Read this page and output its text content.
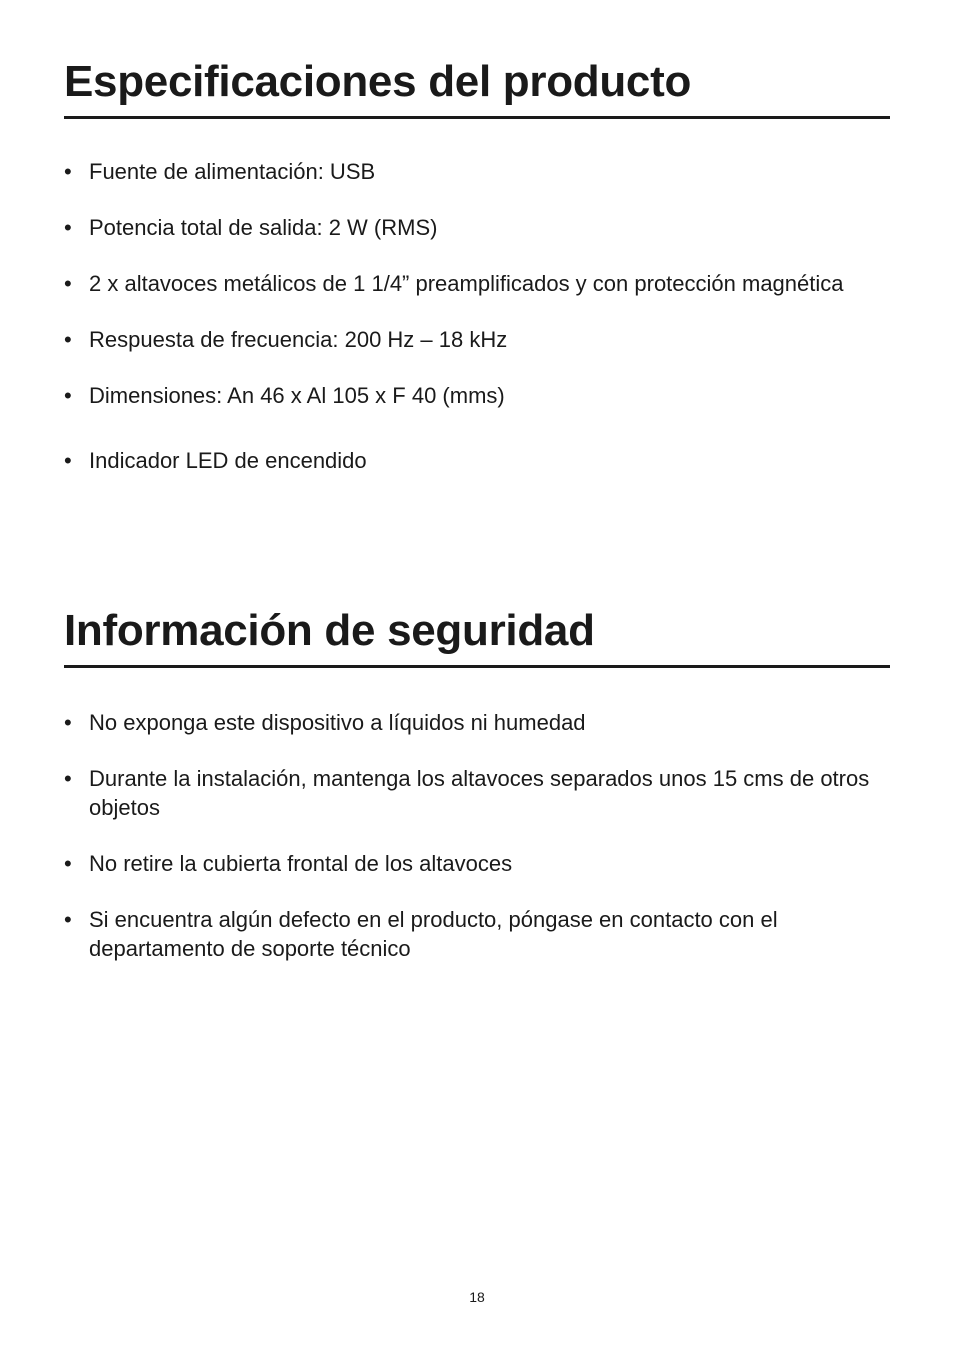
Especificaciones del producto
• Fuente de alimentación: USB
• Potencia total de salida: 2 W (RMS)
• 2 x altavoces metálicos de 1 1/4” preamplificados y con protección magnética
• Respuesta de frecuencia: 200 Hz – 18 kHz
• Dimensiones: An 46 x Al 105 x F 40 (mms)
• Indicador LED de encendido
Información de seguridad
• No exponga este dispositivo a líquidos ni humedad
• Durante la instalación, mantenga los altavoces separados unos 15 cms de otros objetos
• No retire la cubierta frontal de los altavoces
• Si encuentra algún defecto en el producto, póngase en contacto con el departamento de soporte técnico
18
